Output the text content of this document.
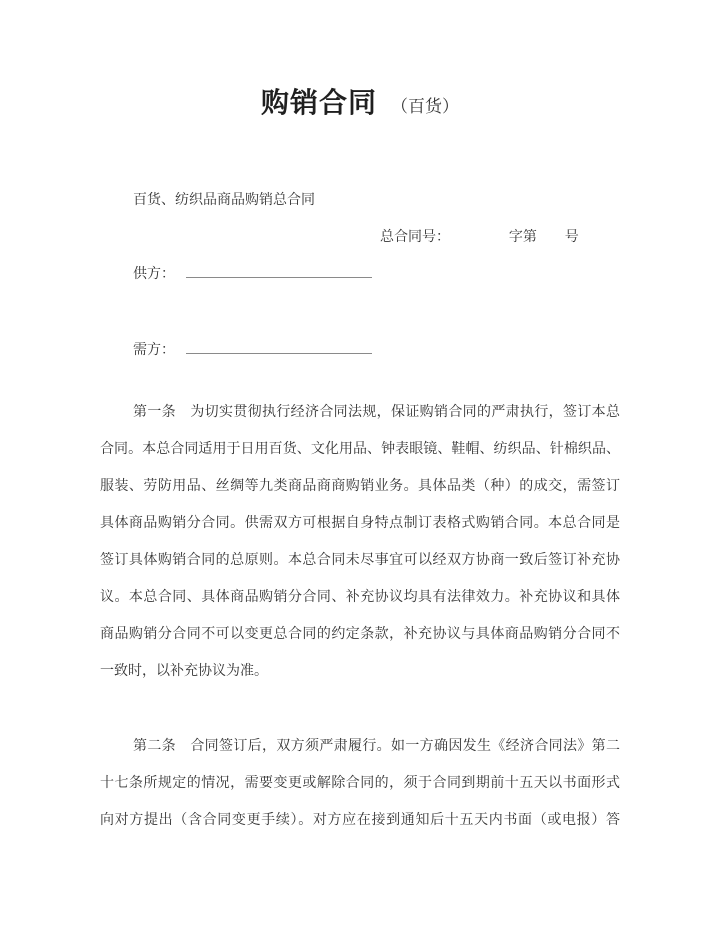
购销合同 （百货）
百货、纺织品商品购销总合同
总合同号：	字第 号
供方：
需方：
第一条　为切实贯彻执行经济合同法规，保证购销合同的严肃执行，签订本总
合同。本总合同适用于日用百货、文化用品、钟表眼镜、鞋帽、纺织品、针棉织品、
服装、劳防用品、丝绸等九类商品商商购销业务。具体品类（种）的成交，需签订
具体商品购销分合同。供需双方可根据自身特点制订表格式购销合同。本总合同是
签订具体购销合同的总原则。本总合同未尽事宜可以经双方协商一致后签订补充协
议。本总合同、具体商品购销分合同、补充协议均具有法律效力。补充协议和具体
商品购销分合同不可以变更总合同的约定条款，补充协议与具体商品购销分合同不
一致时，以补充协议为准。
第二条　合同签订后，双方须严肃履行。如一方确因发生《经济合同法》第二
十七条所规定的情况，需要变更或解除合同的，须于合同到期前十五天以书面形式
向对方提出（含合同变更手续）。对方应在接到通知后十五天内书面（或电报）答
